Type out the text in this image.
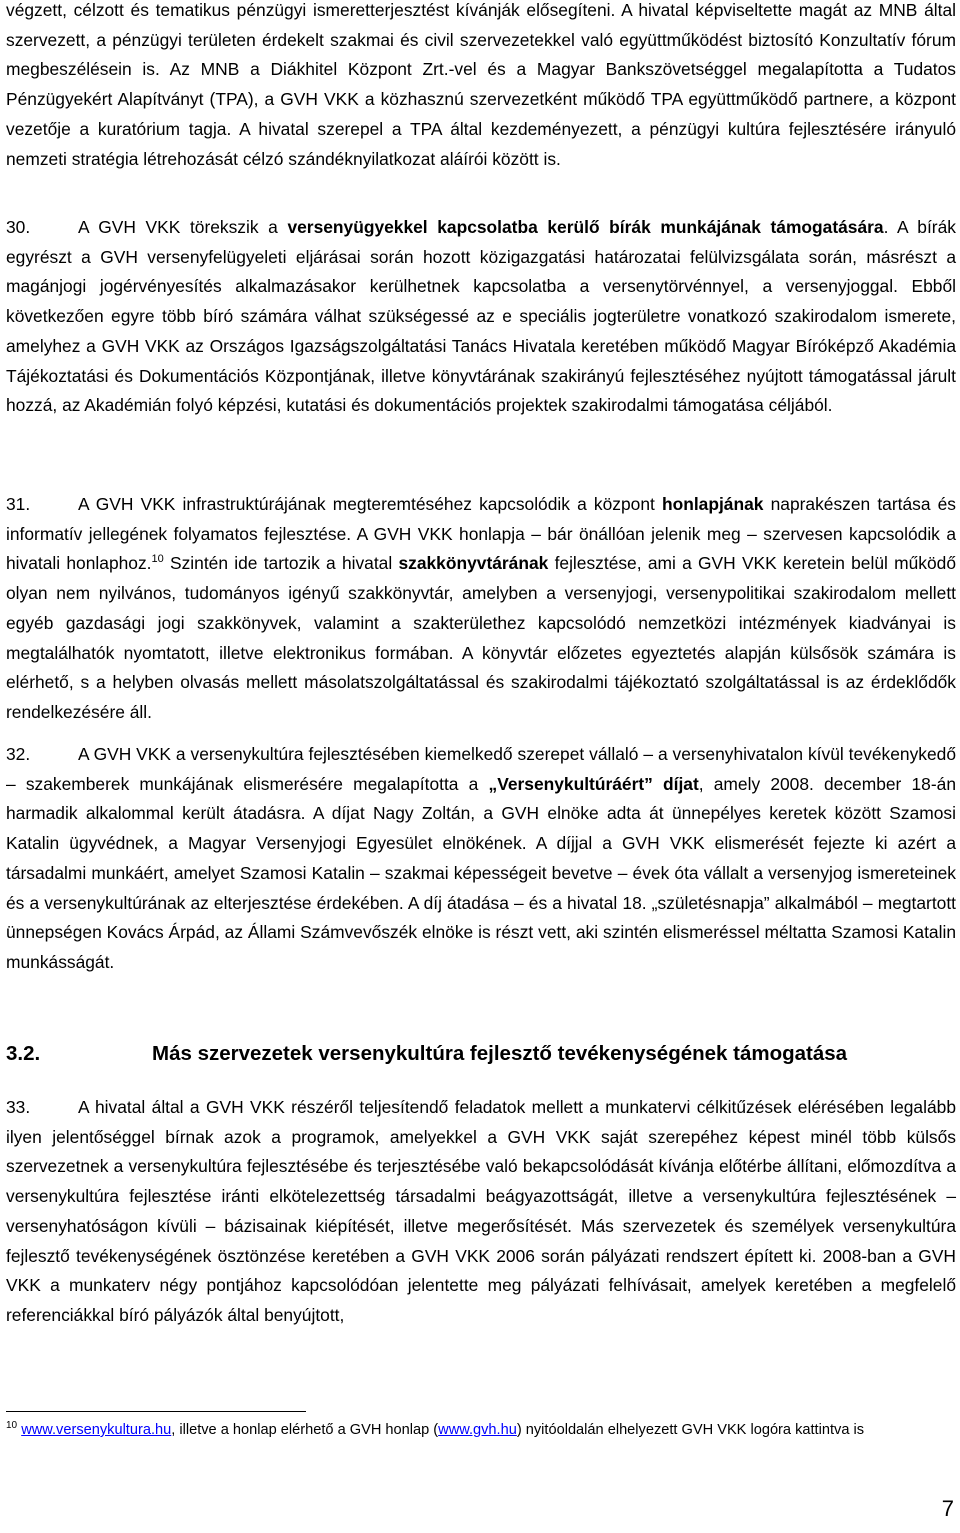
végzett, célzott és tematikus pénzügyi ismeretterjesztést kívánják elősegíteni. A hivatal képviseltette magát az MNB által szervezett, a pénzügyi területen érdekelt szakmai és civil szervezetekkel való együttműködést biztosító Konzultatív fórum megbeszélésein is. Az MNB a Diákhitel Központ Zrt.-vel és a Magyar Bankszövetséggel megalapította a Tudatos Pénzügyekért Alapítványt (TPA), a GVH VKK a közhasznú szervezetként működő TPA együttműködő partnere, a központ vezetője a kuratórium tagja. A hivatal szerepel a TPA által kezdeményezett, a pénzügyi kultúra fejlesztésére irányuló nemzeti stratégia létrehozását célzó szándéknyilatkozat aláírói között is.

30.	A GVH VKK törekszik a versenyügyekkel kapcsolatba kerülő bírák munkájának támogatására. A bírák egyrészt a GVH versenyfelügyeleti eljárásai során hozott közigazgatási határozatai felülvizsgálata során, másrészt a magánjogi jogérvényesítés alkalmazásakor kerülhetnek kapcsolatba a versenytörvénnyel, a versenyjoggal. Ebből következően egyre több bíró számára válhat szükségessé az e speciális jogterületre vonatkozó szakirodalom ismerete, amelyhez a GVH VKK az Országos Igazságszolgáltatási Tanács Hivatala keretében működő Magyar Bíróképző Akadémia Tájékoztatási és Dokumentációs Központjának, illetve könyvtárának szakirányú fejlesztéséhez nyújtott támogatással járult hozzá, az Akadémián folyó képzési, kutatási és dokumentációs projektek szakirodalmi támogatása céljából.

31.	A GVH VKK infrastruktúrájának megteremtéséhez kapcsolódik a központ honlapjának naprakészen tartása és informatív jellegének folyamatos fejlesztése. A GVH VKK honlapja – bár önállóan jelenik meg – szervesen kapcsolódik a hivatali honlaphoz.$^{10}$ Szintén ide tartozik a hivatal szakkönyvtárának fejlesztése, ami a GVH VKK keretein belül működő olyan nem nyilvános, tudományos igényű szakkönyvtár, amelyben a versenyjogi, versenypolitikai szakirodalom mellett egyéb gazdasági jogi szakkönyvek, valamint a szakterülethez kapcsolódó nemzetközi intézmények kiadványai is megtalálhatók nyomtatott, illetve elektronikus formában. A könyvtár előzetes egyeztetés alapján külsősök számára is elérhető, s a helyben olvasás mellett másolatszolgáltatással és szakirodalmi tájékoztató szolgáltatással is az érdeklődők rendelkezésére áll.

32.	A GVH VKK a versenykultúra fejlesztésében kiemelkedő szerepet vállaló – a versenyhivatalon kívül tevékenykedő – szakemberek munkájának elismerésére megalapította a „Versenykultúráért” díjat, amely 2008. december 18-án harmadik alkalommal került átadásra. A díjat Nagy Zoltán, a GVH elnöke adta át ünnepélyes keretek között Szamosi Katalin ügyvédnek, a Magyar Versenyjogi Egyesület elnökének. A díjjal a GVH VKK elismerését fejezte ki azért a társadalmi munkáért, amelyet Szamosi Katalin – szakmai képességeit bevetve – évek óta vállalt a versenyjog ismereteinek és a versenykultúrának az elterjesztése érdekében. A díj átadása – és a hivatal 18. „születésnapja” alkalmából – megtartott ünnepségen Kovács Árpád, az Állami Számvevőszék elnöke is részt vett, aki szintén elismeréssel méltatta Szamosi Katalin munkásságát.

3.2.	Más szervezetek versenykultúra fejlesztő tevékenységének támogatása

33.	A hivatal által a GVH VKK részéről teljesítendő feladatok mellett a munkatervi célkitűzések elérésében legalább ilyen jelentőséggel bírnak azok a programok, amelyekkel a GVH VKK saját szerepéhez képest minél több külsős szervezetnek a versenykultúra fejlesztésébe és terjesztésébe való bekapcsolódását kívánja előtérbe állítani, előmozdítva a versenykultúra fejlesztése iránti elkötelezettség társadalmi beágyazottságát, illetve a versenykultúra fejlesztésének – versenyhatóságon kívüli – bázisainak kiépítését, illetve megerősítését. Más szervezetek és személyek versenykultúra fejlesztő tevékenységének ösztönzése keretében a GVH VKK 2006 során pályázati rendszert épített ki. 2008-ban a GVH VKK a munkaterv négy pontjához kapcsolódóan jelentette meg pályázati felhívásait, amelyek keretében a megfelelő referenciákkal bíró pályázók által benyújtott,

$^{10}$ www.versenykultura.hu, illetve a honlap elérhető a GVH honlap (www.gvh.hu) nyitóoldalán elhelyezett GVH VKK logóra kattintva is
7
